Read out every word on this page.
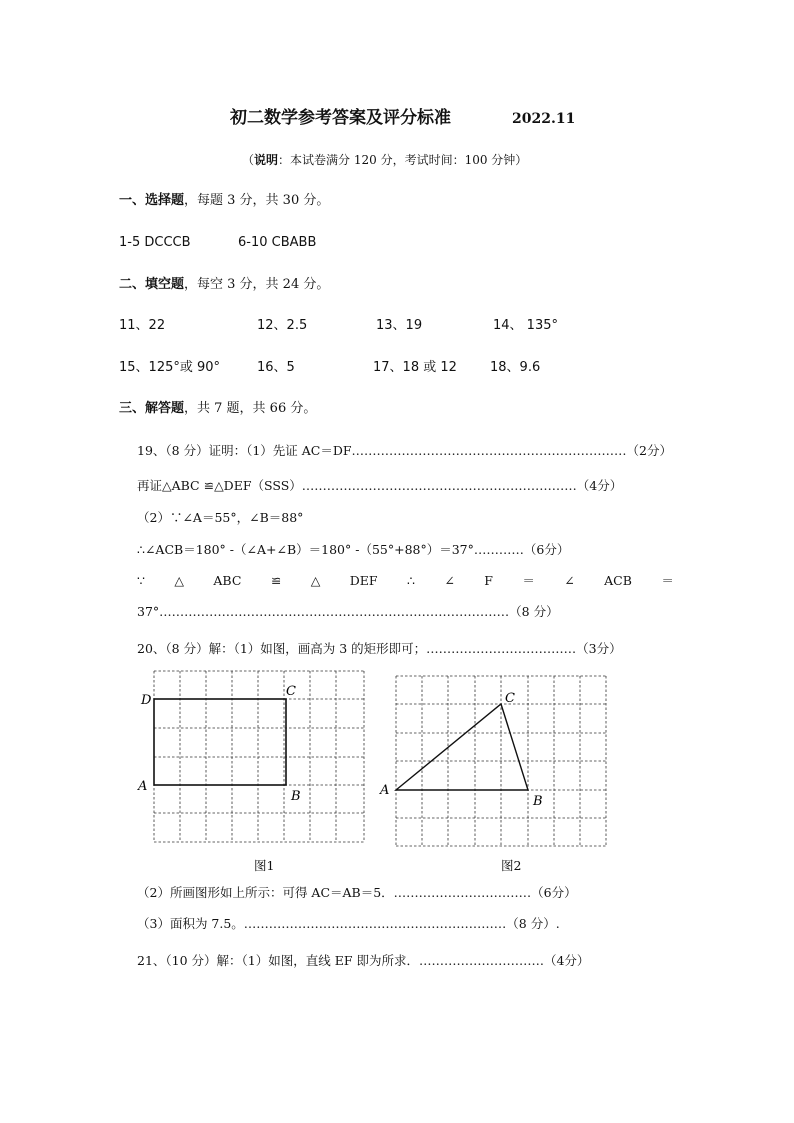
初二数学参考答案及评分标准	2022.11
（说明：本试卷满分 120 分，考试时间：100 分钟）
一、选择题，每题 3 分，共 30 分。
1-5 DCCCB	6-10 CBABB
二、填空题，每空 3 分，共 24 分。
11、22	12、2.5	13、19	14、 135°
15、125°或 90°	16、5	17、18 或 12	18、9.6
三、解答题，共 7 题，共 66 分。
19、（8 分）证明：（1）先证 AC＝DF…………………………………………………………（2分）
再证△ABC ≌△DEF（SSS）…………………………………………………………（4分）
（2）∵∠A＝55°，∠B＝88°
∴∠ACB＝180° -（∠A+∠B）＝180° -（55°+88°）＝37°…………（6分）
∵ △ ABC ≌ △ DEF ∴ ∠ F ＝ ∠ ACB ＝
37°…………………………………………………………………………（8 分）
20、（8 分）解：（1）如图，画高为 3 的矩形即可；………………………………（3分）
D
C
A
B
图1
C
A
B
图2
（2）所画图形如上所示：可得 AC＝AB＝5．……………………………（6分）
（3）面积为 7.5。………………………………………………………（8 分）.
21、（10 分）解：（1）如图，直线 EF 即为所求．…………………………（4分）
